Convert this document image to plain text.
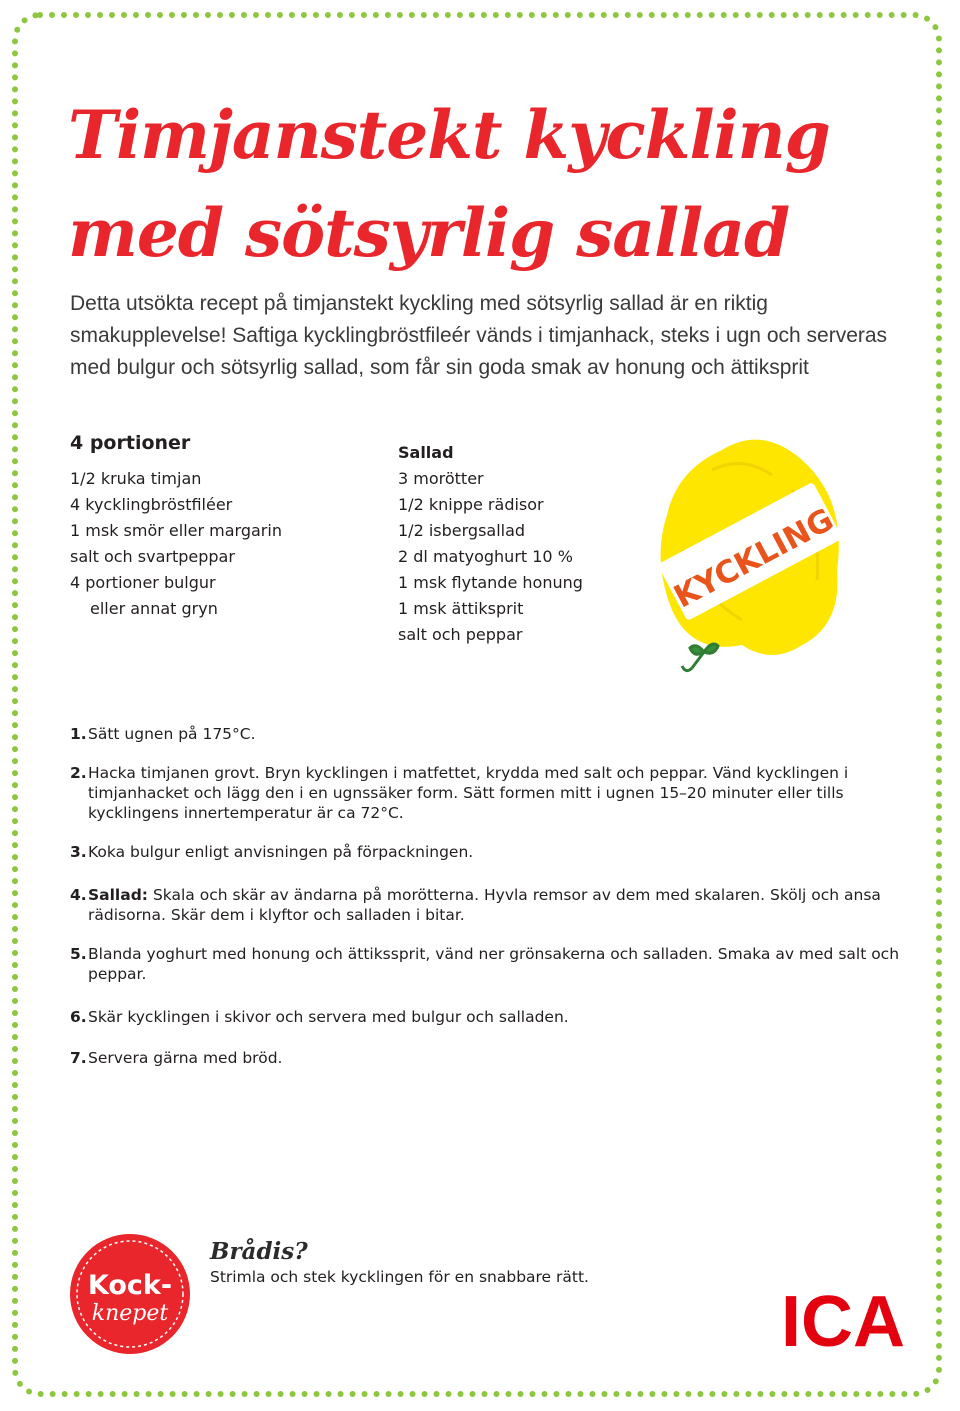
Timjanstekt kyckling med sötsyrlig sallad

Detta utsökta recept på timjanstekt kyckling med sötsyrlig sallad är en riktig smakupplevelse! Saftiga kycklingbröstfileér vänds i timjanhack, steks i ugn och serveras med bulgur och sötsyrlig sallad, som får sin goda smak av honung och ättiksprit

4 portioner

1/2 kruka timjan
4 kycklingbröstfiléer
1 msk smör eller margarin
salt och svartpeppar
4 portioner bulgur
eller annat gryn

Sallad

3 morötter
1/2 knippe rädisor
1/2 isbergsallad
2 dl matyoghurt 10 %
1 msk flytande honung
1 msk ättiksprit
salt och peppar
KYCKLING
1. Sätt ugnen på 175°C.
2. Hacka timjanen grovt. Bryn kycklingen i matfettet, krydda med salt och peppar. Vänd kycklingen i timjanhacket och lägg den i en ugnssäker form. Sätt formen mitt i ugnen 15–20 minuter eller tills kycklingens innertemperatur är ca 72°C.
3. Koka bulgur enligt anvisningen på förpackningen.
4. Sallad: Skala och skär av ändarna på morötterna. Hyvla remsor av dem med skalaren. Skölj och ansa rädisorna. Skär dem i klyftor och salladen i bitar.
5. Blanda yoghurt med honung och ättikssprit, vänd ner grönsakerna och salladen. Smaka av med salt och peppar.
6. Skär kycklingen i skivor och servera med bulgur och salladen.
7. Servera gärna med bröd.
Kock-
knepet

Brådis?

Strimla och stek kycklingen för en snabbare rätt.

ICA
